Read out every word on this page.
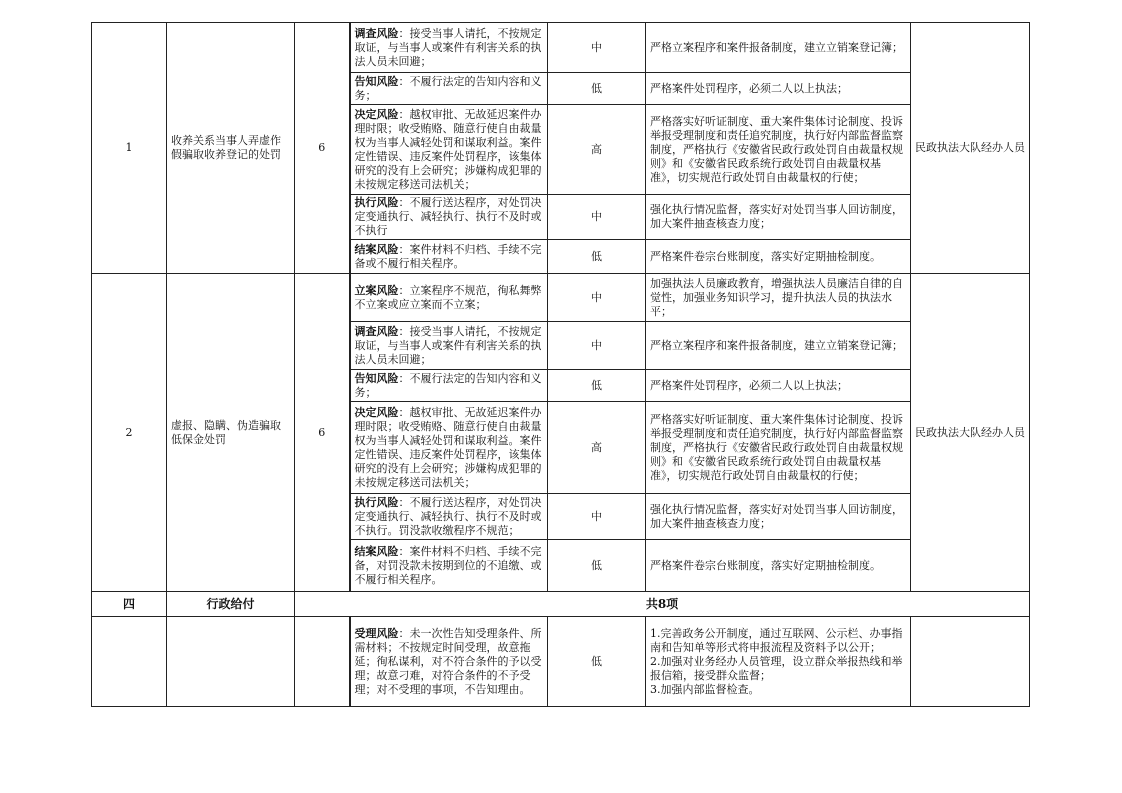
1	收养关系当事人弄虚作假骗取收养登记的处罚	6	调查风险：接受当事人请托，不按规定取证，与当事人或案件有利害关系的执法人员未回避；	中	严格立案程序和案件报备制度，建立立销案登记簿；	民政执法大队经办人员
			告知风险：不履行法定的告知内容和义务；	低	严格案件处罚程序，必须二人以上执法；	
			决定风险：越权审批、无故延迟案件办理时限；收受贿赂、随意行使自由裁量权为当事人减轻处罚和谋取利益。案件定性错误、违反案件处罚程序，该集体研究的没有上会研究；涉嫌构成犯罪的未按规定移送司法机关；	高	严格落实好听证制度、重大案件集体讨论制度、投诉举报受理制度和责任追究制度，执行好内部监督监察制度，严格执行《安徽省民政行政处罚自由裁量权规则》和《安徽省民政系统行政处罚自由裁量权基准》，切实规范行政处罚自由裁量权的行使；	
			执行风险：不履行送达程序，对处罚决定变通执行、减轻执行、执行不及时或不执行	中	强化执行情况监督，落实好对处罚当事人回访制度，加大案件抽查核查力度；	
			结案风险：案件材料不归档、手续不完备或不履行相关程序。	低	严格案件卷宗台账制度，落实好定期抽检制度。	
2	虚报、隐瞒、伪造骗取低保金处罚	6	立案风险：立案程序不规范，徇私舞弊不立案或应立案而不立案；	中	加强执法人员廉政教育，增强执法人员廉洁自律的自觉性，加强业务知识学习，提升执法人员的执法水平；	民政执法大队经办人员
			调查风险：接受当事人请托，不按规定取证，与当事人或案件有利害关系的执法人员未回避；	中	严格立案程序和案件报备制度，建立立销案登记簿；	
			告知风险：不履行法定的告知内容和义务；	低	严格案件处罚程序，必须二人以上执法；	
			决定风险：越权审批、无故延迟案件办理时限；收受贿赂、随意行使自由裁量权为当事人减轻处罚和谋取利益。案件定性错误、违反案件处罚程序，该集体研究的没有上会研究；涉嫌构成犯罪的未按规定移送司法机关；	高	严格落实好听证制度、重大案件集体讨论制度、投诉举报受理制度和责任追究制度，执行好内部监督监察制度，严格执行《安徽省民政行政处罚自由裁量权规则》和《安徽省民政系统行政处罚自由裁量权基准》，切实规范行政处罚自由裁量权的行使；	
			执行风险：不履行送达程序，对处罚决定变通执行、减轻执行、执行不及时或不执行。罚没款收缴程序不规范；	中	强化执行情况监督，落实好对处罚当事人回访制度，加大案件抽查核查力度；	
			结案风险：案件材料不归档、手续不完备，对罚没款未按期到位的不追缴、或不履行相关程序。	低	严格案件卷宗台账制度，落实好定期抽检制度。	
四	行政给付	共8项				
			受理风险：未一次性告知受理条件、所需材料；不按规定时间受理，故意拖延；徇私谋利，对不符合条件的予以受理；故意刁难，对符合条件的不予受理；对不受理的事项，不告知理由。	低	1.完善政务公开制度，通过互联网、公示栏、办事指南和告知单等形式将申报流程及资料予以公开；
2.加强对业务经办人员管理，设立群众举报热线和举报信箱，接受群众监督；
3.加强内部监督检查。	
